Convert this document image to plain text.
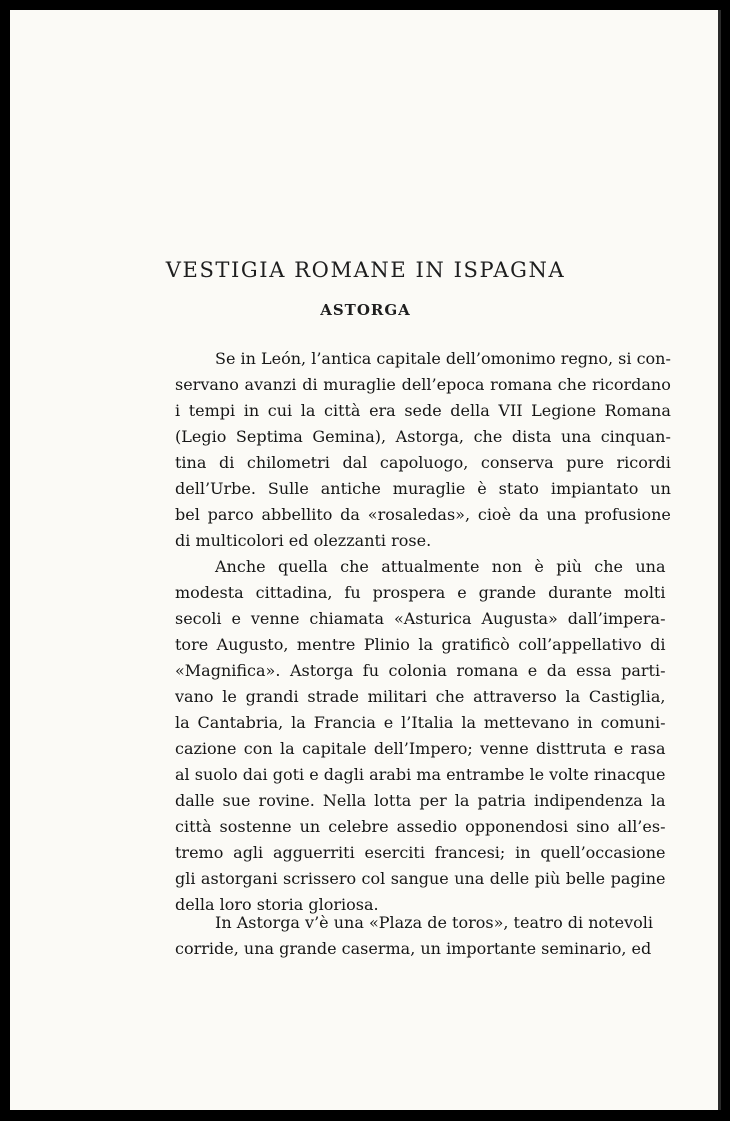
VESTIGIA ROMANE IN ISPAGNA
ASTORGA

Se in León, l’antica capitale dell’omonimo regno, si con-
servano avanzi di muraglie dell’epoca romana che ricordano
i tempi in cui la città era sede della VII Legione Romana
(Legio Septima Gemina), Astorga, che dista una cinquan-
tina di chilometri dal capoluogo, conserva pure ricordi
dell’Urbe. Sulle antiche muraglie è stato impiantato un
bel parco abbellito da «rosaledas», cioè da una profusione
di multicolori ed olezzanti rose.

Anche quella che attualmente non è più che una
modesta cittadina, fu prospera e grande durante molti
secoli e venne chiamata «Asturica Augusta» dall’impera-
tore Augusto, mentre Plinio la gratificò coll’appellativo di
«Magnifica». Astorga fu colonia romana e da essa parti-
vano le grandi strade militari che attraverso la Castiglia,
la Cantabria, la Francia e l’Italia la mettevano in comuni-
cazione con la capitale dell’Impero; venne disttruta e rasa
al suolo dai goti e dagli arabi ma entrambe le volte rinacque
dalle sue rovine. Nella lotta per la patria indipendenza la
città sostenne un celebre assedio opponendosi sino all’es-
tremo agli agguerriti eserciti francesi; in quell’occasione
gli astorgani scrissero col sangue una delle più belle pagine
della loro storia gloriosa.

In Astorga v’è una «Plaza de toros», teatro di notevoli
corride, una grande caserma, un importante seminario, ed
